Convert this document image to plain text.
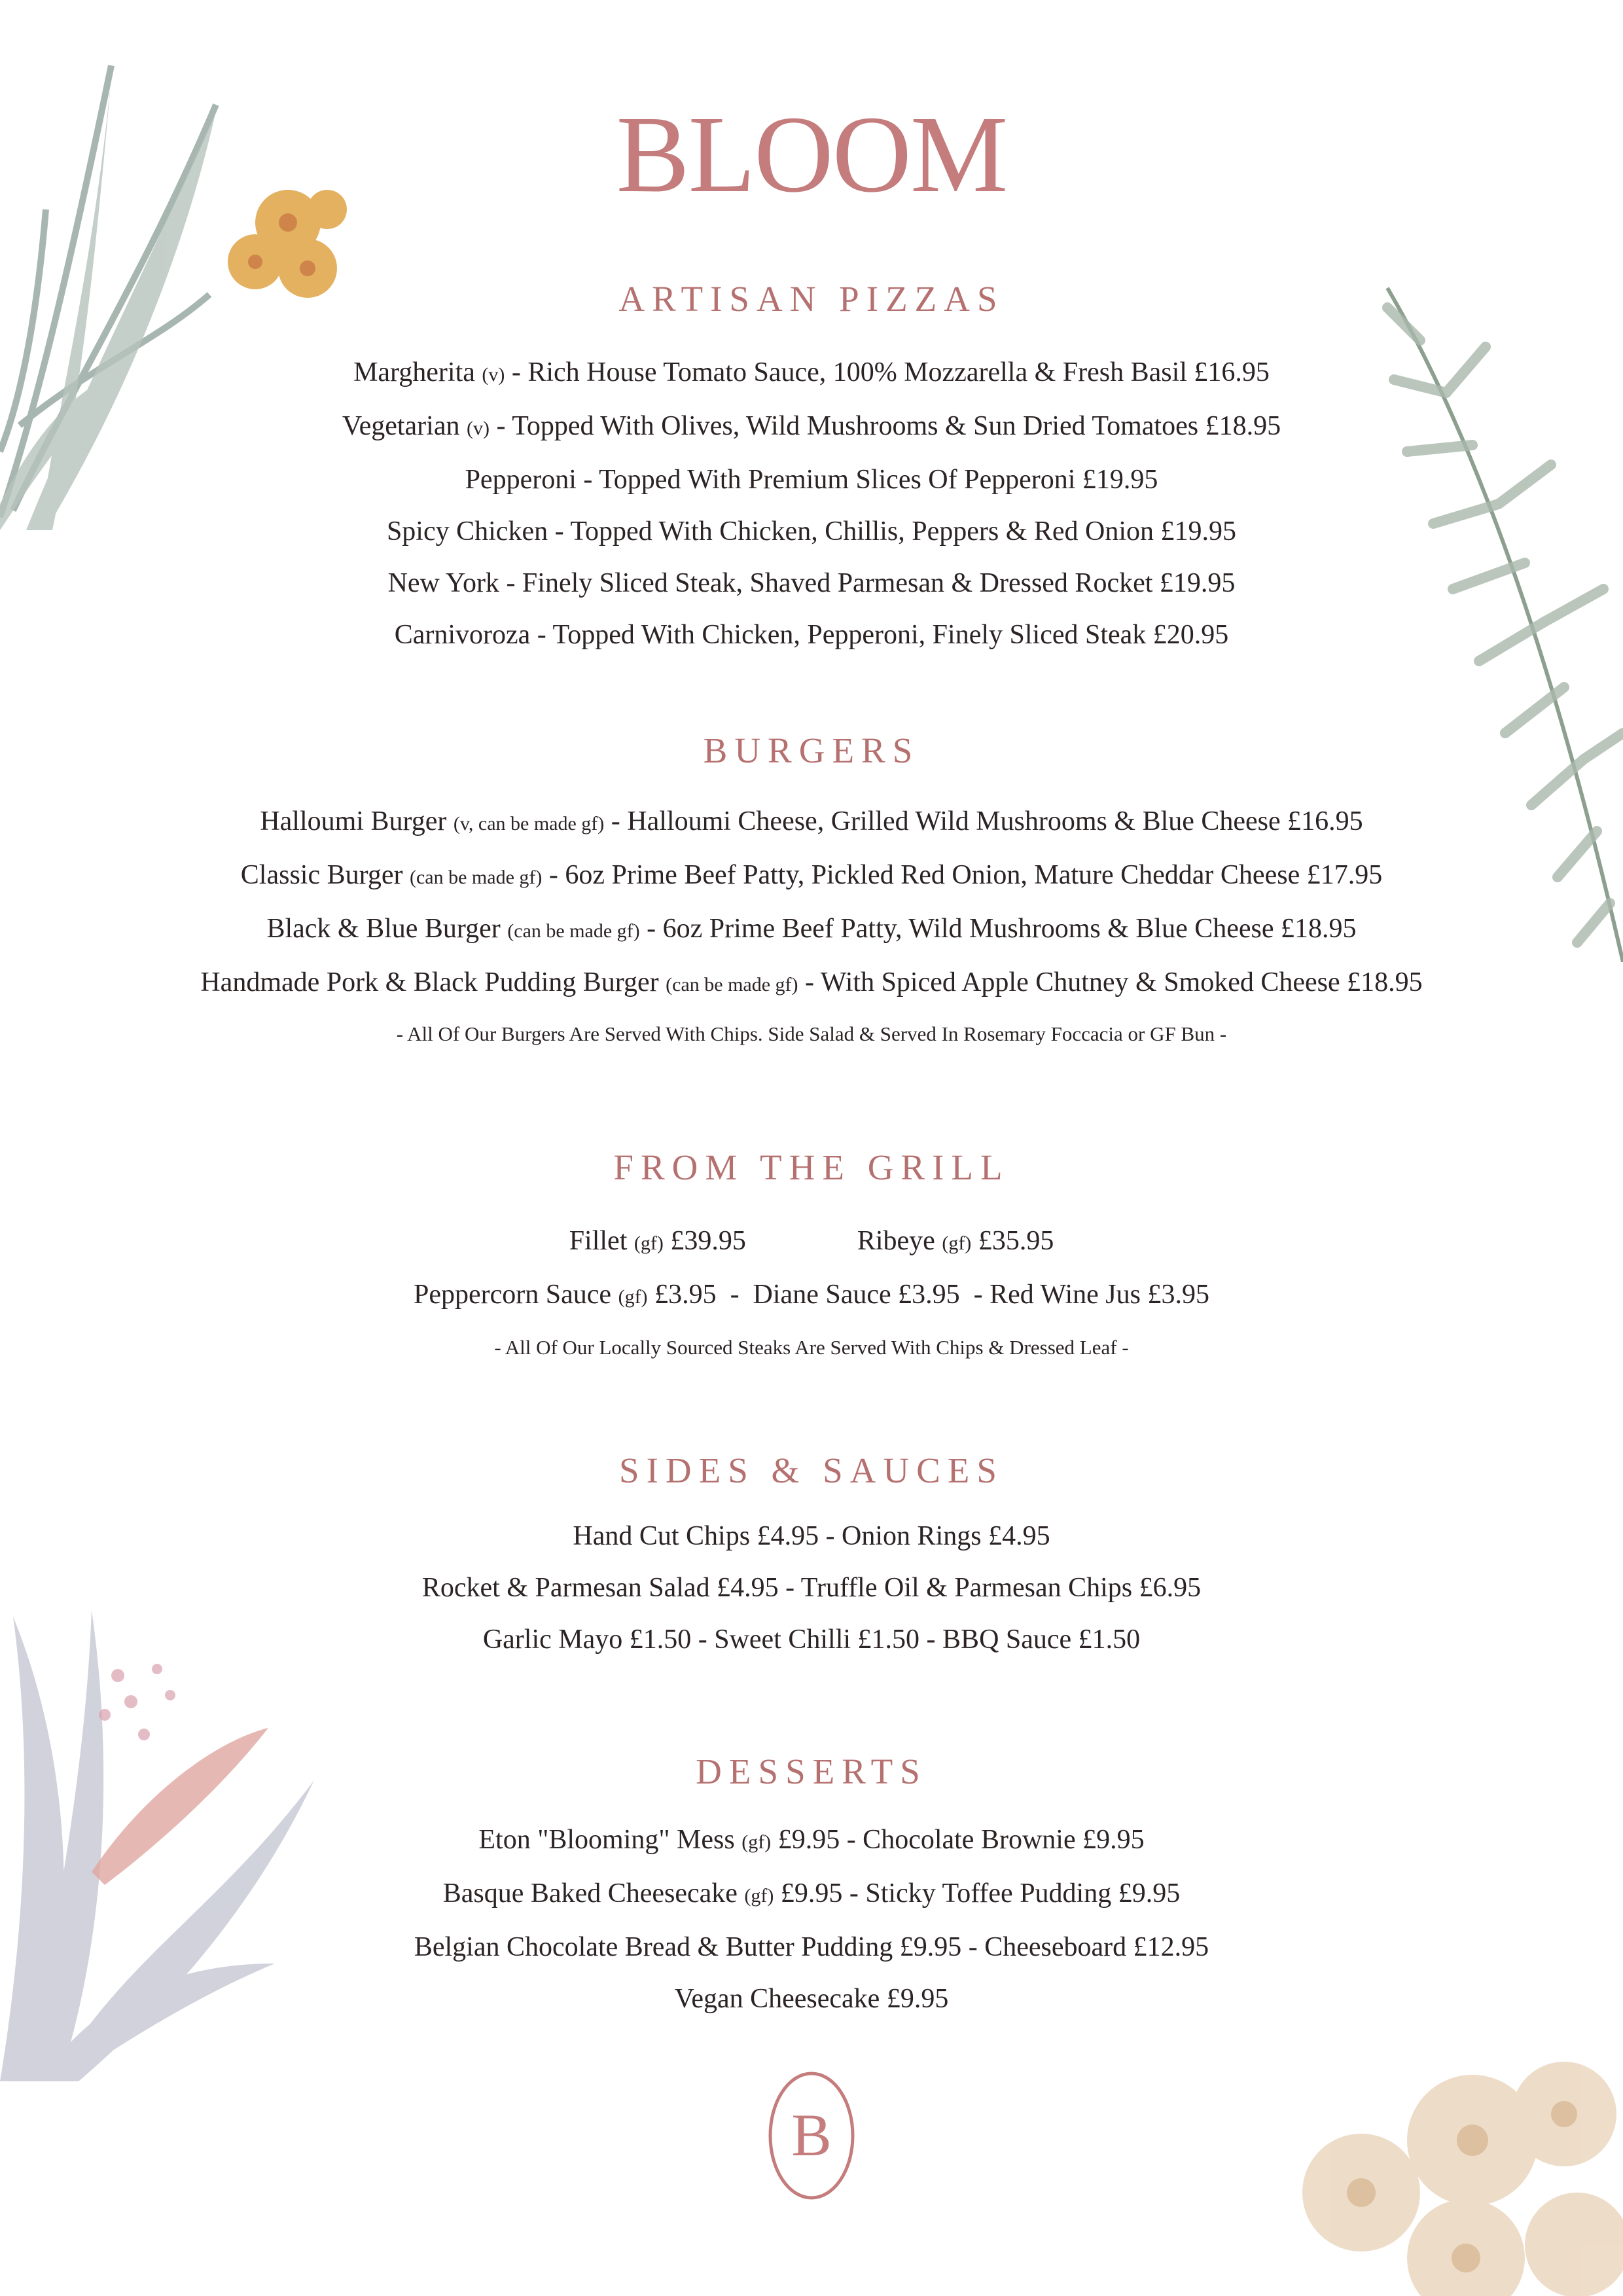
BLOOM
ARTISAN PIZZAS

Margherita (v) - Rich House Tomato Sauce, 100% Mozzarella & Fresh Basil £16.95

Vegetarian (v) - Topped With Olives, Wild Mushrooms & Sun Dried Tomatoes £18.95

Pepperoni - Topped With Premium Slices Of Pepperoni £19.95

Spicy Chicken - Topped With Chicken, Chillis, Peppers & Red Onion £19.95

New York - Finely Sliced Steak, Shaved Parmesan & Dressed Rocket £19.95

Carnivoroza - Topped With Chicken, Pepperoni, Finely Sliced Steak £20.95

BURGERS

Halloumi Burger (v, can be made gf) - Halloumi Cheese, Grilled Wild Mushrooms & Blue Cheese £16.95

Classic Burger (can be made gf) - 6oz Prime Beef Patty, Pickled Red Onion, Mature Cheddar Cheese £17.95

Black & Blue Burger (can be made gf) - 6oz Prime Beef Patty, Wild Mushrooms & Blue Cheese £18.95

Handmade Pork & Black Pudding Burger (can be made gf) - With Spiced Apple Chutney & Smoked Cheese £18.95

- All Of Our Burgers Are Served With Chips. Side Salad & Served In Rosemary Foccacia or GF Bun -

FROM THE GRILL
Fillet (gf) £39.95	Ribeye (gf) £35.95

Peppercorn Sauce (gf) £3.95  -  Diane Sauce £3.95  - Red Wine Jus £3.95

- All Of Our Locally Sourced Steaks Are Served With Chips & Dressed Leaf -

SIDES & SAUCES

Hand Cut Chips £4.95 - Onion Rings £4.95

Rocket & Parmesan Salad £4.95 - Truffle Oil & Parmesan Chips £6.95

Garlic Mayo £1.50 - Sweet Chilli £1.50 - BBQ Sauce £1.50

DESSERTS

Eton "Blooming" Mess (gf) £9.95 - Chocolate Brownie £9.95

Basque Baked Cheesecake (gf) £9.95 - Sticky Toffee Pudding £9.95

Belgian Chocolate Bread & Butter Pudding £9.95 - Cheeseboard £12.95

Vegan Cheesecake £9.95

B
